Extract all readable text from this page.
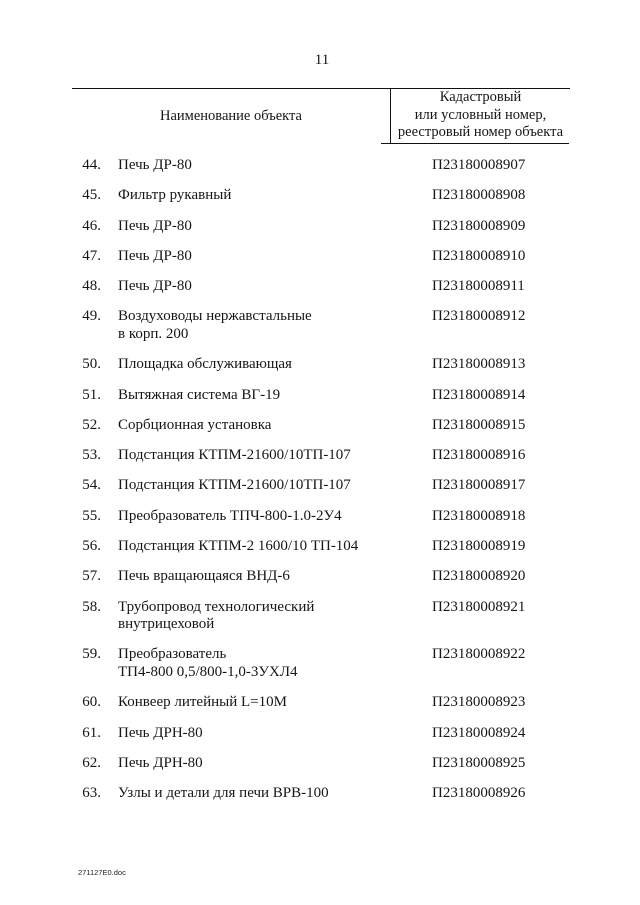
11
Наименование объекта
Кадастровый
или условный номер,
реестровый номер объекта
44. Печь ДР-80	П23180008907
45. Фильтр рукавный	П23180008908
46. Печь ДР-80	П23180008909
47. Печь ДР-80	П23180008910
48. Печь ДР-80	П23180008911
49. Воздуховоды нержавстальные
в корп. 200
П23180008912
50. Площадка обслуживающая	П23180008913
51. Вытяжная система ВГ-19	П23180008914
52. Сорбционная установка	П23180008915
53. Подстанция КТПМ-21600/10ТП-107	П23180008916
54. Подстанция КТПМ-21600/10ТП-107	П23180008917
55. Преобразователь ТПЧ-800-1.0-2У4	П23180008918
56. Подстанция КТПМ-2 1600/10 ТП-104	П23180008919
57. Печь вращающаяся ВНД-6	П23180008920
58. Трубопровод технологический
внутрицеховой
П23180008921
59. Преобразователь
ТП4-800 0,5/800-1,0-3УХЛ4
П23180008922
60. Конвеер литейный L=10M	П23180008923
61. Печь ДРН-80	П23180008924
62. Печь ДРН-80	П23180008925
63. Узлы и детали для печи ВРВ-100	П23180008926
271127E0.doc
